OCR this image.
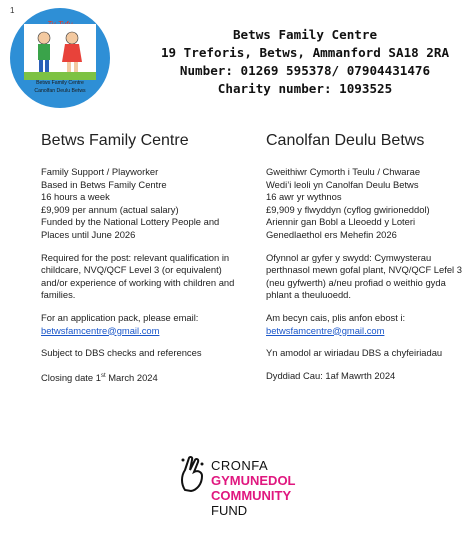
1
Betws Family Centre
Canolfan Deulu Betws
Betws Family Centre
19 Treforis, Betws, Ammanford SA18 2RA
Number: 01269 595378/ 07904431476
Charity number: 1093525
Betws Family Centre

Family Support / Playworker
Based in Betws Family Centre
16 hours a week
£9,909 per annum (actual salary)
Funded by the National Lottery People and Places until June 2026

Required for the post: relevant qualification in childcare, NVQ/QCF Level 3 (or equivalent) and/or experience of working with children and families.

For an application pack, please email:
betwsfamcentre@gmail.com

Subject to DBS checks and references

Closing date 1st March 2024

Canolfan Deulu Betws

Gweithiwr Cymorth i Teulu / Chwarae
Wedi’i leoli yn Canolfan Deulu Betws
16 awr yr wythnos
£9,909 y flwyddyn (cyflog gwirioneddol)
Ariennir gan Bobl a Lleoedd y Loteri Genedlaethol ers Mehefin 2026

Ofynnol ar gyfer y swydd: Cymwysterau perthnasol mewn gofal plant, NVQ/QCF Lefel 3 (neu gyfwerth) a/neu profiad o weithio gyda phlant a theuluoedd.

Am becyn cais, plis anfon ebost i:
betwsfamcentre@gmail.com

Yn amodol ar wiriadau DBS a chyfeiriadau

Dyddiad Cau: 1af Mawrth 2024

CRONFA
GYMUNEDOL
COMMUNITY
FUND
